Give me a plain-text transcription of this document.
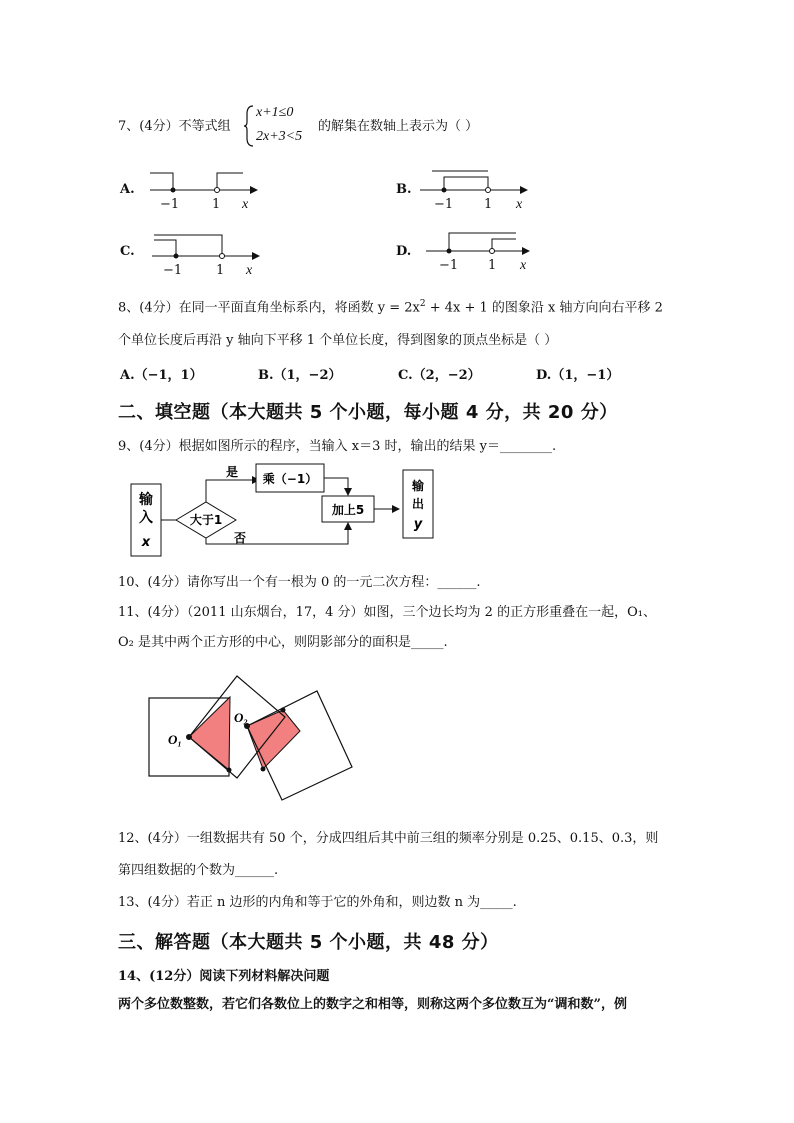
7、(4分）不等式组
x+1≤0
2x+3<5
的解集在数轴上表示为（ ）
A.
−1	1 x
B.
−1 1 x
C.
−1	1 x
D.
−1 1 x
8、(4分）在同一平面直角坐标系内，将函数 $y = 2x^2 + 4x + 1$ 的图象沿 x 轴方向向右平移 2
个单位长度后再沿 y 轴向下平移 1 个单位长度，得到图象的顶点坐标是（ ）
A.（−1，1）	B.（1，−2）	C.（2，−2）	D.（1，−1）
二、填空题（本大题共 5 个小题，每小题 4 分，共 20 分）
9、(4分）根据如图所示的程序，当输入 x＝3 时，输出的结果 y＝________.
输
入
x
大于1
是 乘（−1）
加上5
否
输
出
y
10、(4分）请你写出一个有一根为 0 的一元二次方程：______.
11、(4分）（2011 山东烟台，17，4 分）如图，三个边长均为 2 的正方形重叠在一起，O₁、
O₂ 是其中两个正方形的中心，则阴影部分的面积是_____.
O₁
O₂
12、(4分）一组数据共有 50 个，分成四组后其中前三组的频率分别是 0.25、0.15、0.3，则
第四组数据的个数为______.
13、(4分）若正 n 边形的内角和等于它的外角和，则边数 n 为_____.
三、解答题（本大题共 5 个小题，共 48 分）
14、(12分）阅读下列材料解决问题
两个多位数整数，若它们各数位上的数字之和相等，则称这两个多位数互为“调和数”，例
